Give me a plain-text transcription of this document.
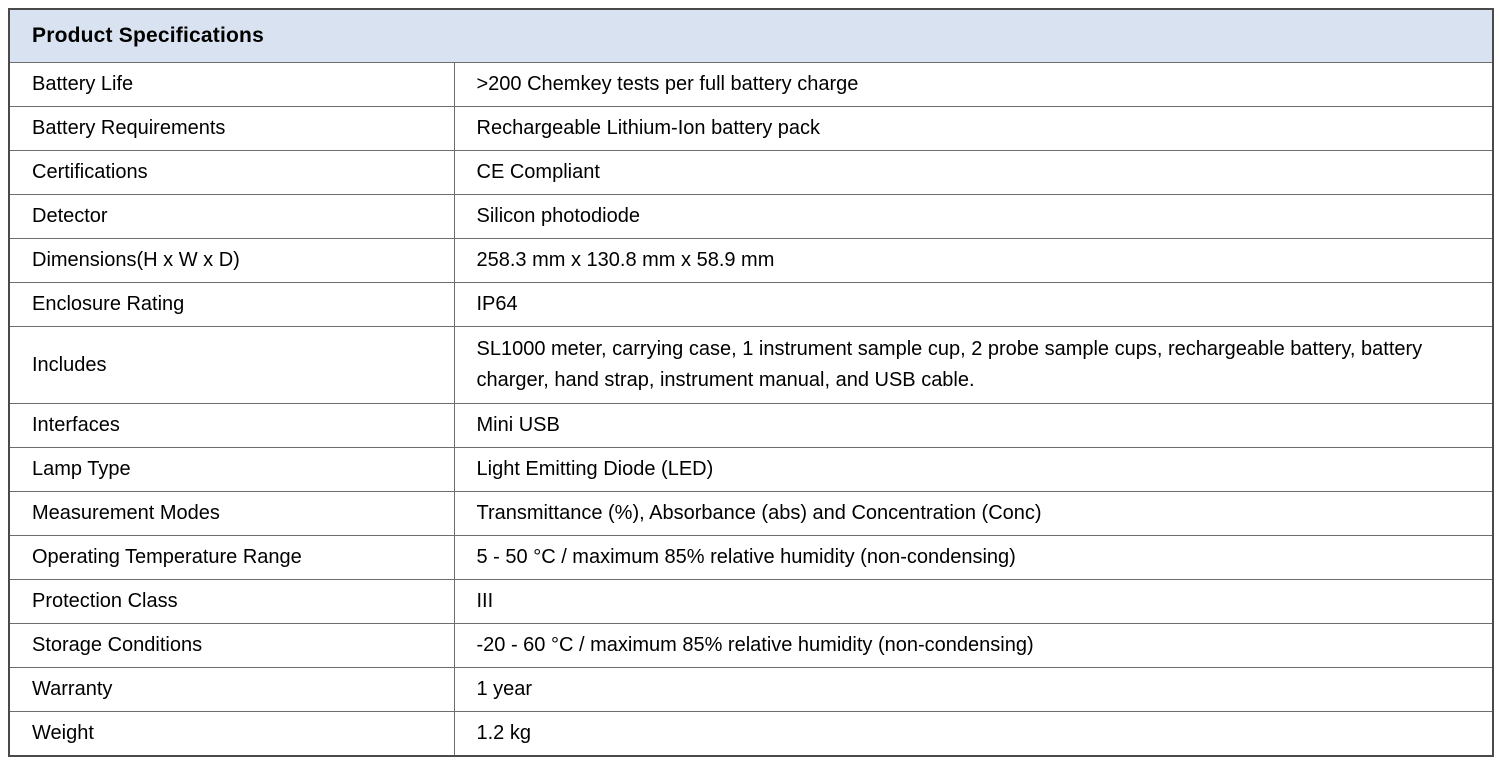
Product Specifications	
Battery Life	>200 Chemkey tests per full battery charge
Battery Requirements	Rechargeable Lithium-Ion battery pack
Certifications	CE Compliant
Detector	Silicon photodiode
Dimensions(H x W x D)	258.3 mm x 130.8 mm x 58.9 mm
Enclosure Rating	IP64
Includes	SL1000 meter, carrying case, 1 instrument sample cup, 2 probe sample cups, rechargeable battery, battery charger, hand strap, instrument manual, and USB cable.
Interfaces	Mini USB
Lamp Type	Light Emitting Diode (LED)
Measurement Modes	Transmittance (%), Absorbance (abs) and Concentration (Conc)
Operating Temperature Range	5 - 50 °C / maximum 85% relative humidity (non-condensing)
Protection Class	III
Storage Conditions	-20 - 60 °C / maximum 85% relative humidity (non-condensing)
Warranty	1 year
Weight	1.2 kg
